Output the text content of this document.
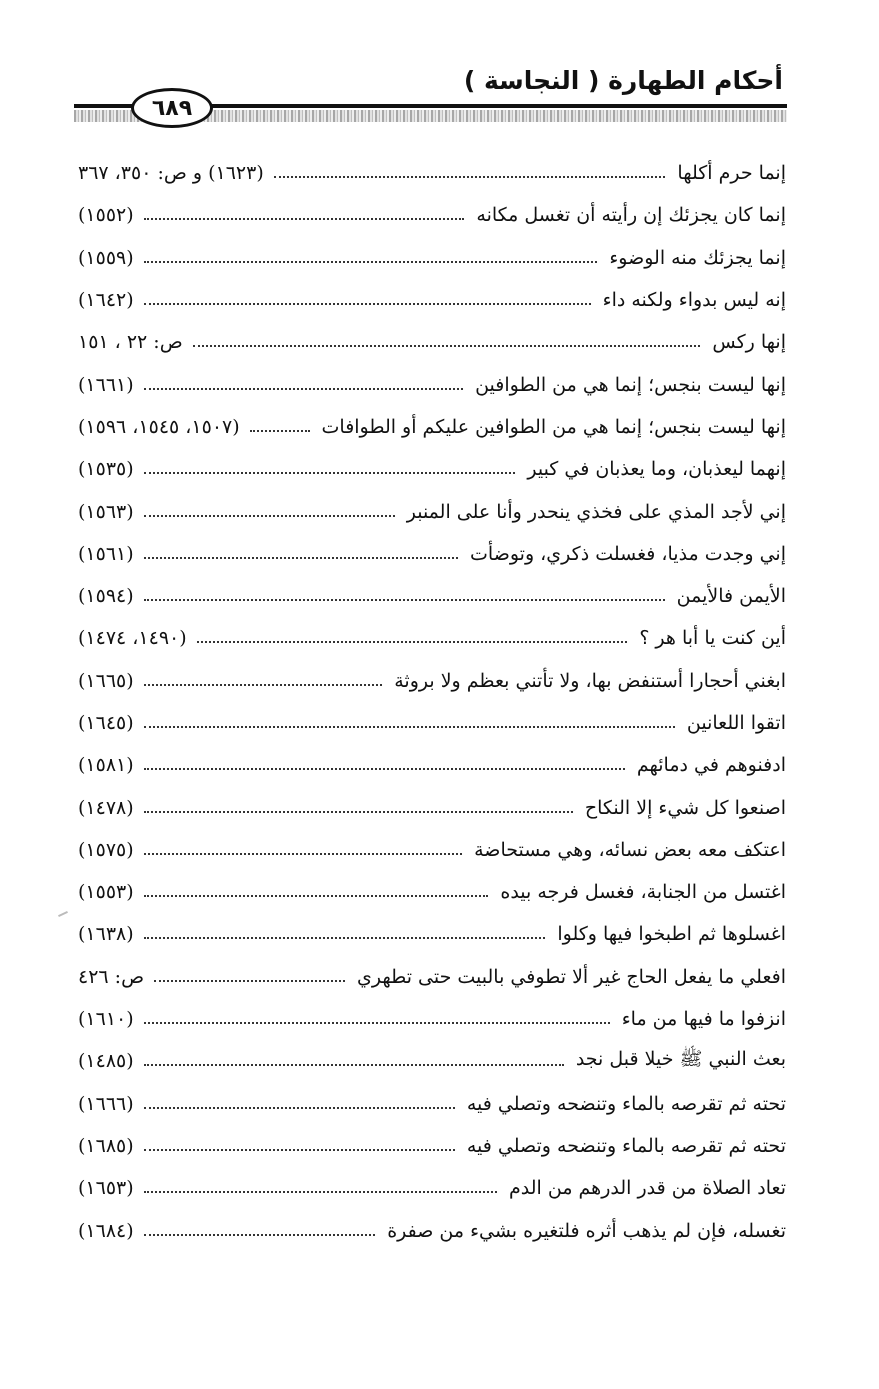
أحكام الطهارة ( النجاسة )
٦٨٩
إنما حرم أكلها
(١٦٢٣) و ص: ٣٥٠، ٣٦٧
إنما كان يجزئك إن رأيته أن تغسل مكانه
(١٥٥٢)
إنما يجزئك منه الوضوء
(١٥٥٩)
إنه ليس بدواء ولكنه داء
(١٦٤٢)
إنها ركس
ص: ٢٢ ، ١٥١
إنها ليست بنجس؛ إنما هي من الطوافين
(١٦٦١)
إنها ليست بنجس؛ إنما هي من الطوافين عليكم أو الطوافات
(١٥٠٧، ١٥٤٥، ١٥٩٦)
إنهما ليعذبان، وما يعذبان في كبير
(١٥٣٥)
إني لأجد المذي على فخذي ينحدر وأنا على المنبر
(١٥٦٣)
إني وجدت مذيا، فغسلت ذكري، وتوضأت
(١٥٦١)
الأيمن فالأيمن
(١٥٩٤)
أين كنت يا أبا هر ؟
(١٤٩٠، ١٤٧٤)
ابغني أحجارا أستنفض بها، ولا تأتني بعظم ولا بروثة
(١٦٦٥)
اتقوا اللعانين
(١٦٤٥)
ادفنوهم في دمائهم
(١٥٨١)
اصنعوا كل شيء إلا النكاح
(١٤٧٨)
اعتكف معه بعض نسائه، وهي مستحاضة
(١٥٧٥)
اغتسل من الجنابة، فغسل فرجه بيده
(١٥٥٣)
اغسلوها ثم اطبخوا فيها وكلوا
(١٦٣٨)
افعلي ما يفعل الحاج غير ألا تطوفي بالبيت حتى تطهري
ص: ٤٢٦
انزفوا ما فيها من ماء
(١٦١٠)
بعث النبي ﷺ خيلا قبل نجد
(١٤٨٥)
تحته ثم تقرصه بالماء وتنضحه وتصلي فيه
(١٦٦٦)
تحته ثم تقرصه بالماء وتنضحه وتصلي فيه
(١٦٨٥)
تعاد الصلاة من قدر الدرهم من الدم
(١٦٥٣)
تغسله، فإن لم يذهب أثره فلتغيره بشيء من صفرة
(١٦٨٤)
